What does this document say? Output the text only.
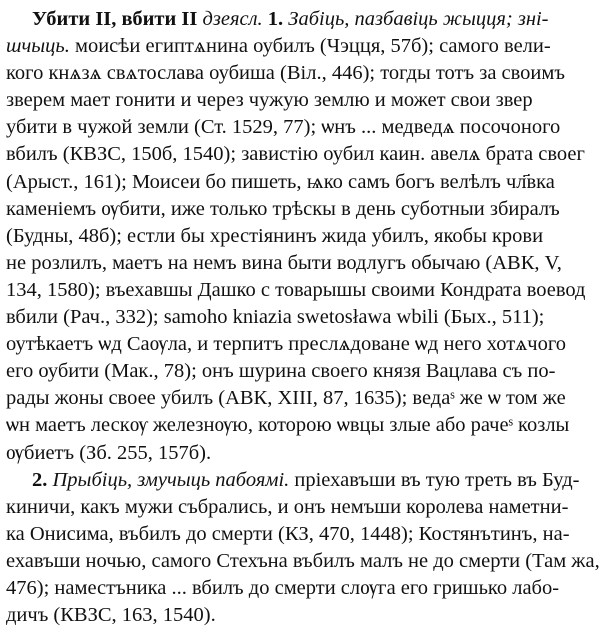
Убити II, вбити II дзеясл. 1. Забіць, пазбавіць жыцця; зні-
шчыць. моисѣи египтѧнина оубилъ (Чэцця, 57б); самого вели-
кого кнѧзѧ свѧтослава оубиша (Віл., 446); тогды тотъ за своимъ
зверем мает гонити и через чужую землю и может свои звер
убити в чужой земли (Ст. 1529, 77); ѡнъ ... медведѧ посочоного
вбилъ (КВЗС, 150б, 1540); завистію оубил каин. авелѧ брата своег
(Арыст., 161); Моисеи бо пишеть, ѩко самъ богъ велѣлъ чл҃вка
каменіемъ ѹбити, иже только трѣскы в день суботныи збиралъ
(Будны, 48б); естли бы хрестіянинъ жида убилъ, якобы крови
не розлилъ, маетъ на немъ вина быти водлугъ обычаю (АВК, V,
134, 1580); въехавшы Дашко с товарышы своими Кондрата воевод
вбили (Рач., 332); samoho kniazia swetosława wbili (Бых., 511);
оутѣкаетъ ѡд Саѹла, и терпитъ преслѧдоване ѡд него хотѧчого
его оубити (Мак., 78); онъ шурина своего князя Вацлава съ по-
рады жоны своее убилъ (АВК, XIII, 87, 1635); ведаˢ же ѡ том же
ѡн маетъ лескѹ железнѹю, которою ѡвцы злые або рачеˢ козлы
ѹбиетъ (Зб. 255, 157б).
2. Прыбіць, змучыць пабоямі. пріехавъши въ тую треть въ Буд-
киничи, какъ мужи събрались, и онъ немъши королева наметни-
ка Онисима, въбилъ до смерти (КЗ, 470, 1448); Костянътинъ, на-
ехавъши ночью, самого Стехъна въбилъ малъ не до смерти (Там жа,
476); наместъника ... вбилъ до смерти слѹга его гришько лабо-
дичъ (КВЗС, 163, 1540).
